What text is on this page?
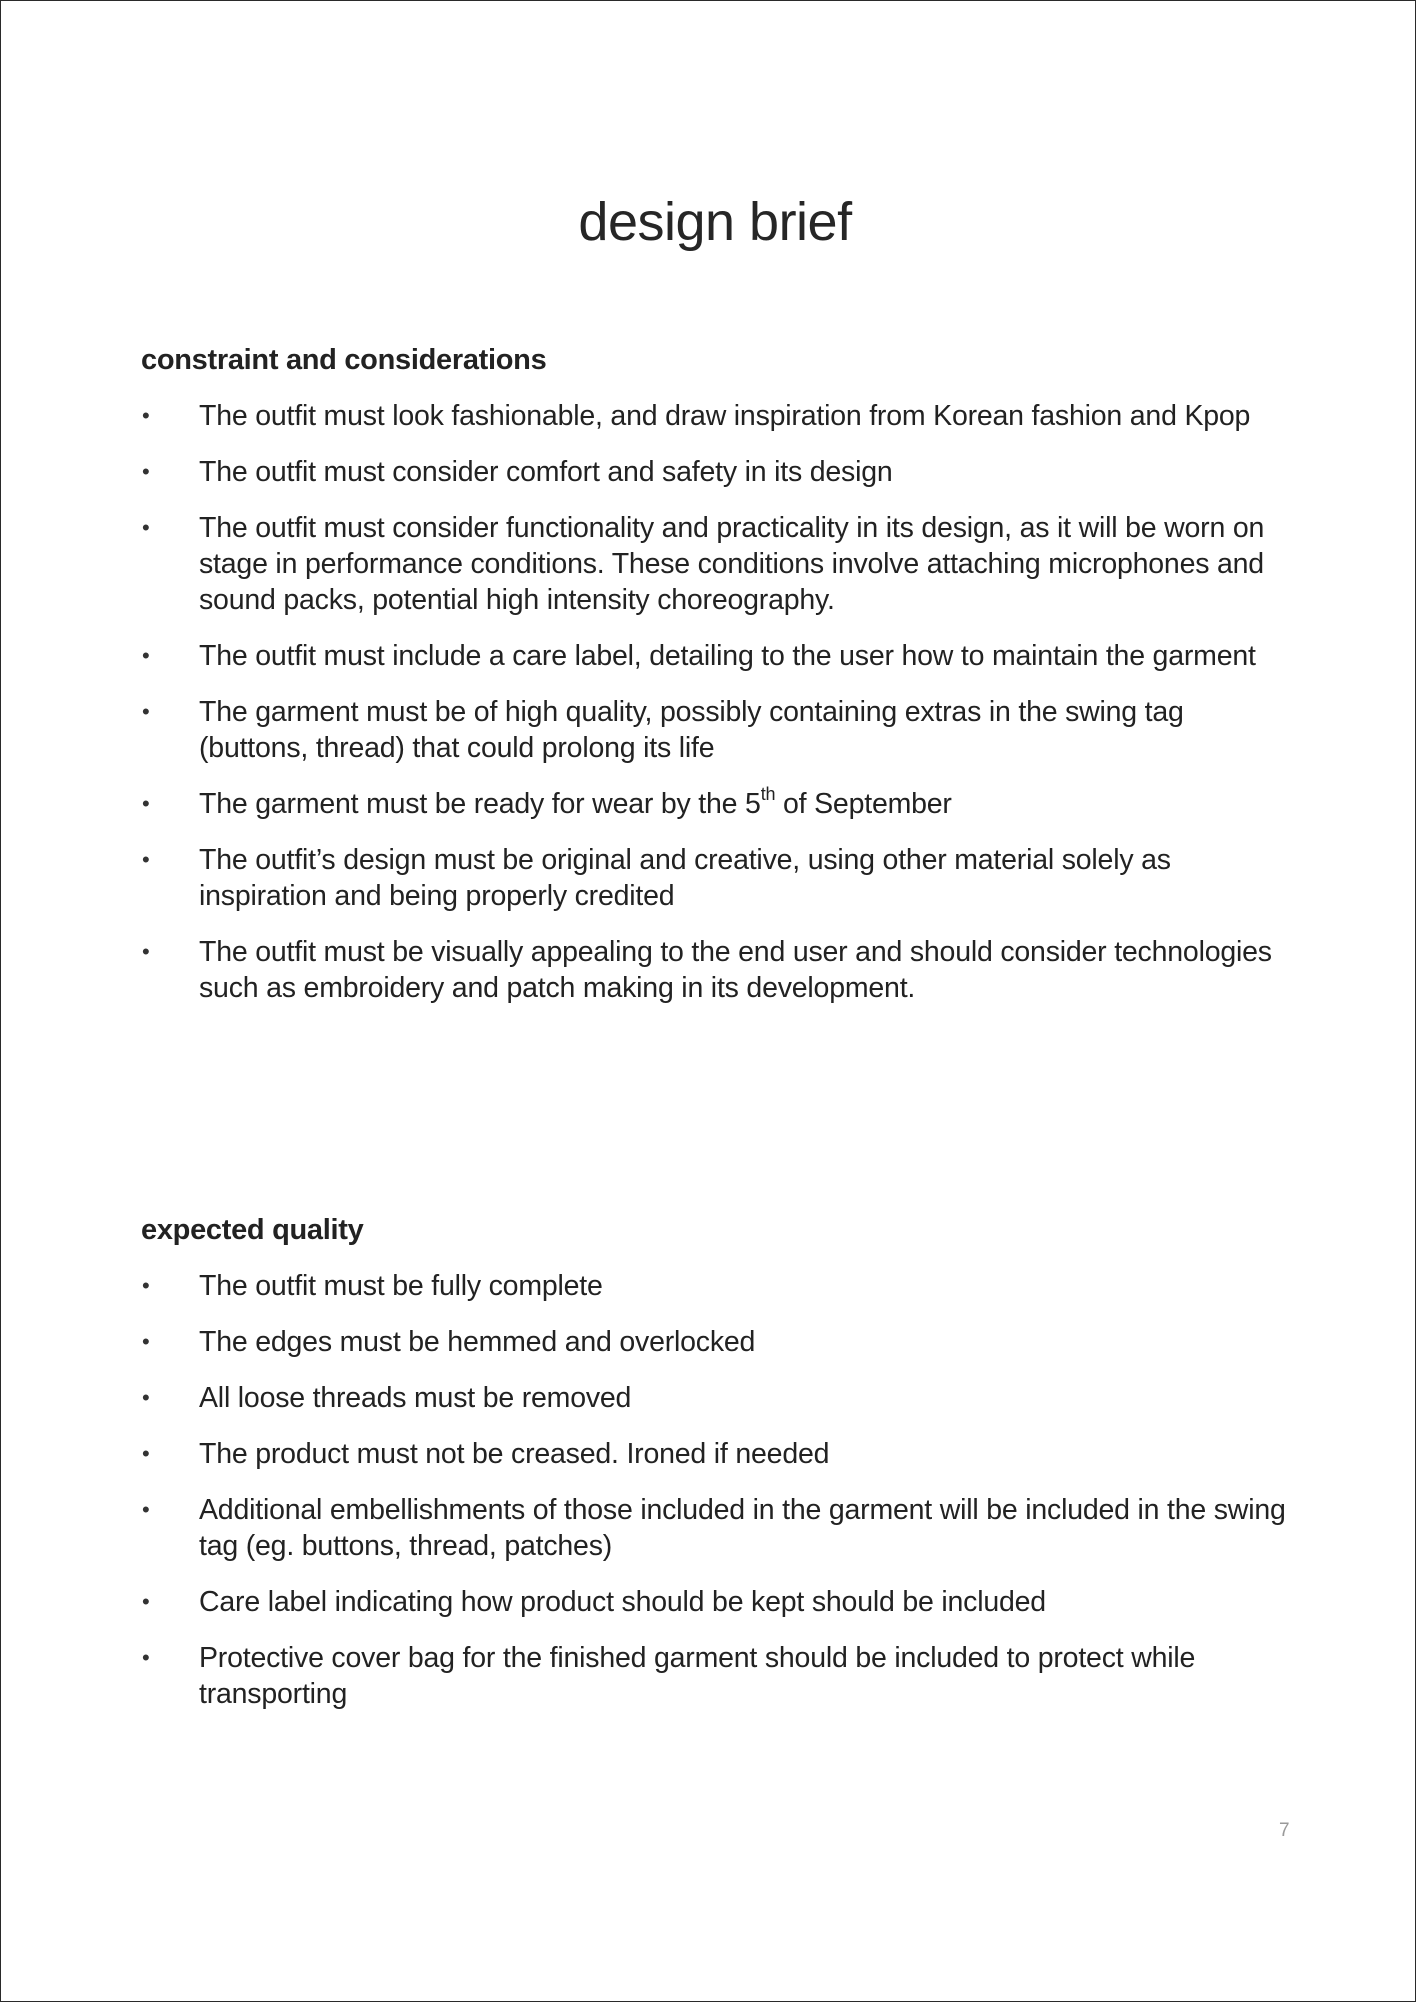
design brief
constraint and considerations
• The outfit must look fashionable, and draw inspiration from Korean fashion and Kpop
• The outfit must consider comfort and safety in its design
• The outfit must consider functionality and practicality in its design, as it will be worn on stage in performance conditions. These conditions involve attaching microphones and sound packs, potential high intensity choreography.
• The outfit must include a care label, detailing to the user how to maintain the garment
• The garment must be of high quality, possibly containing extras in the swing tag (buttons, thread) that could prolong its life
• The garment must be ready for wear by the 5th of September
• The outfit’s design must be original and creative, using other material solely as inspiration and being properly credited
• The outfit must be visually appealing to the end user and should consider technologies such as embroidery and patch making in its development.
expected quality
• The outfit must be fully complete
• The edges must be hemmed and overlocked
• All loose threads must be removed
• The product must not be creased. Ironed if needed
• Additional embellishments of those included in the garment will be included in the swing tag (eg. buttons, thread, patches)
• Care label indicating how product should be kept should be included
• Protective cover bag for the finished garment should be included to protect while transporting
7
